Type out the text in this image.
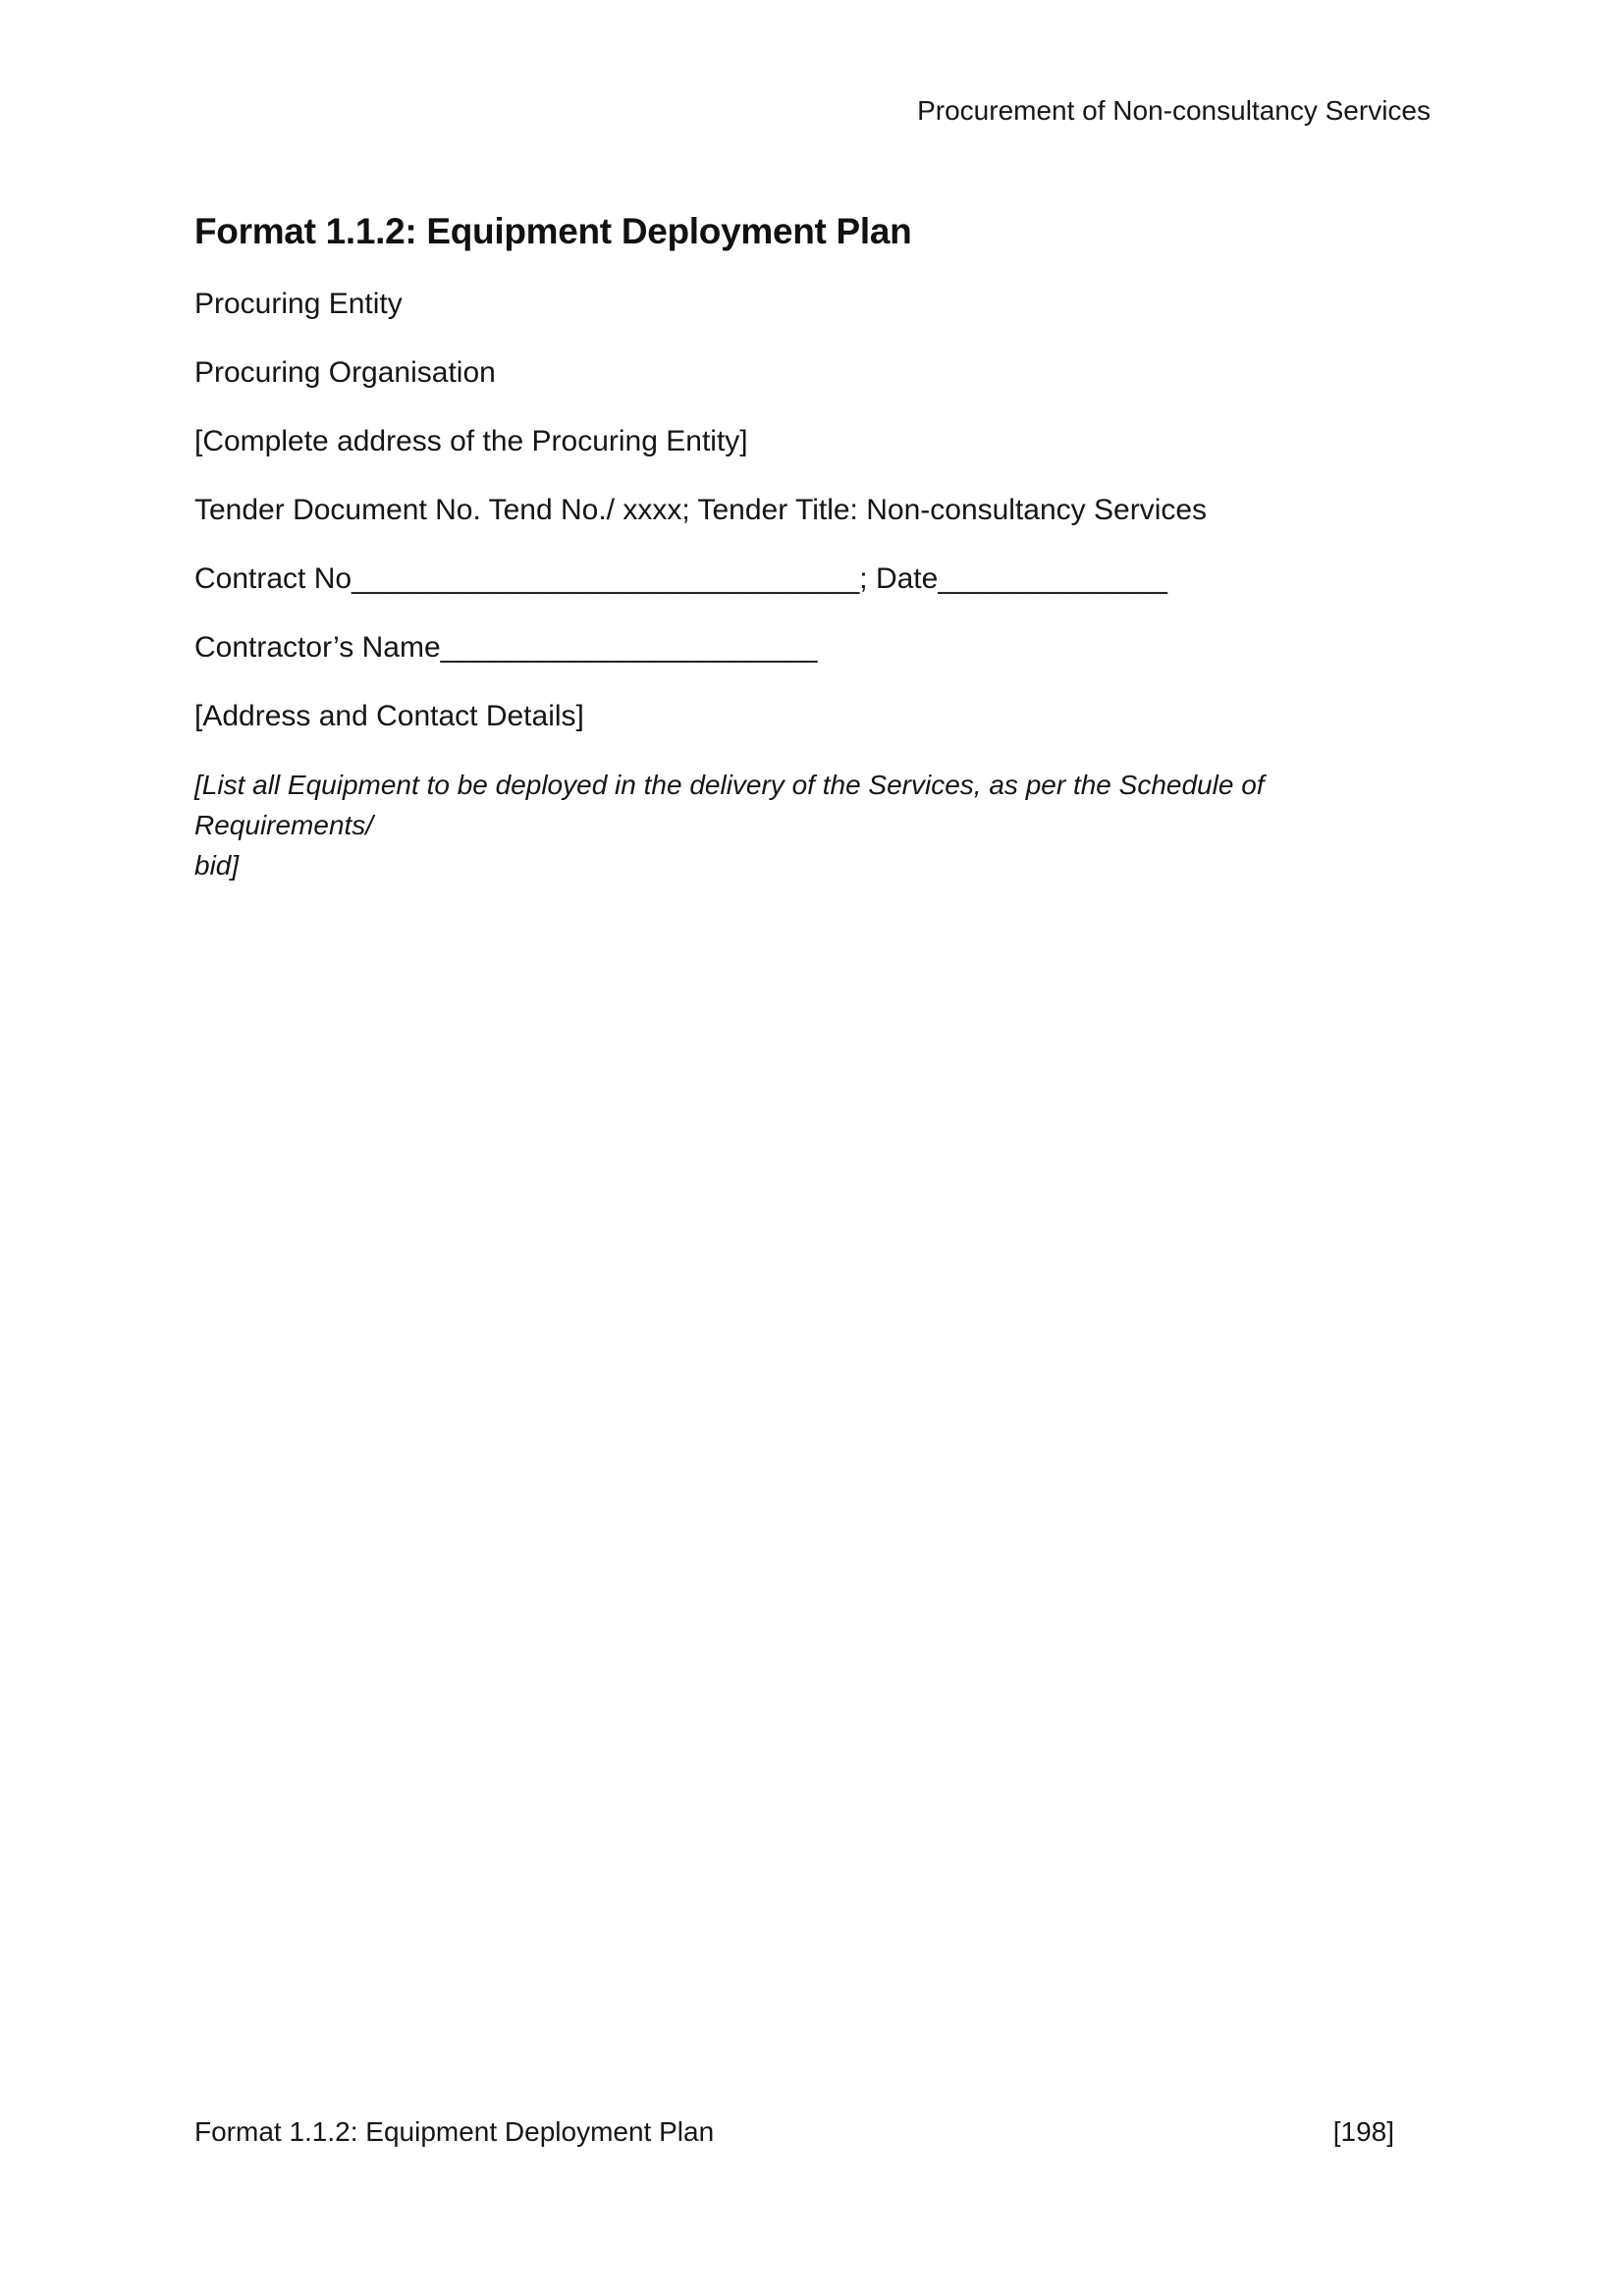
Procurement of Non-consultancy Services
Format 1.1.2: Equipment Deployment Plan

Procuring Entity

Procuring Organisation

[Complete address of the Procuring Entity]

Tender Document No. Tend No./ xxxx; Tender Title: Non-consultancy Services

Contract No_______________________________; Date______________

Contractor’s Name_______________________

[Address and Contact Details]

[List all Equipment to be deployed in the delivery of the Services, as per the Schedule of Requirements/
bid]

Format 1.1.2: Equipment Deployment Plan	[198]
